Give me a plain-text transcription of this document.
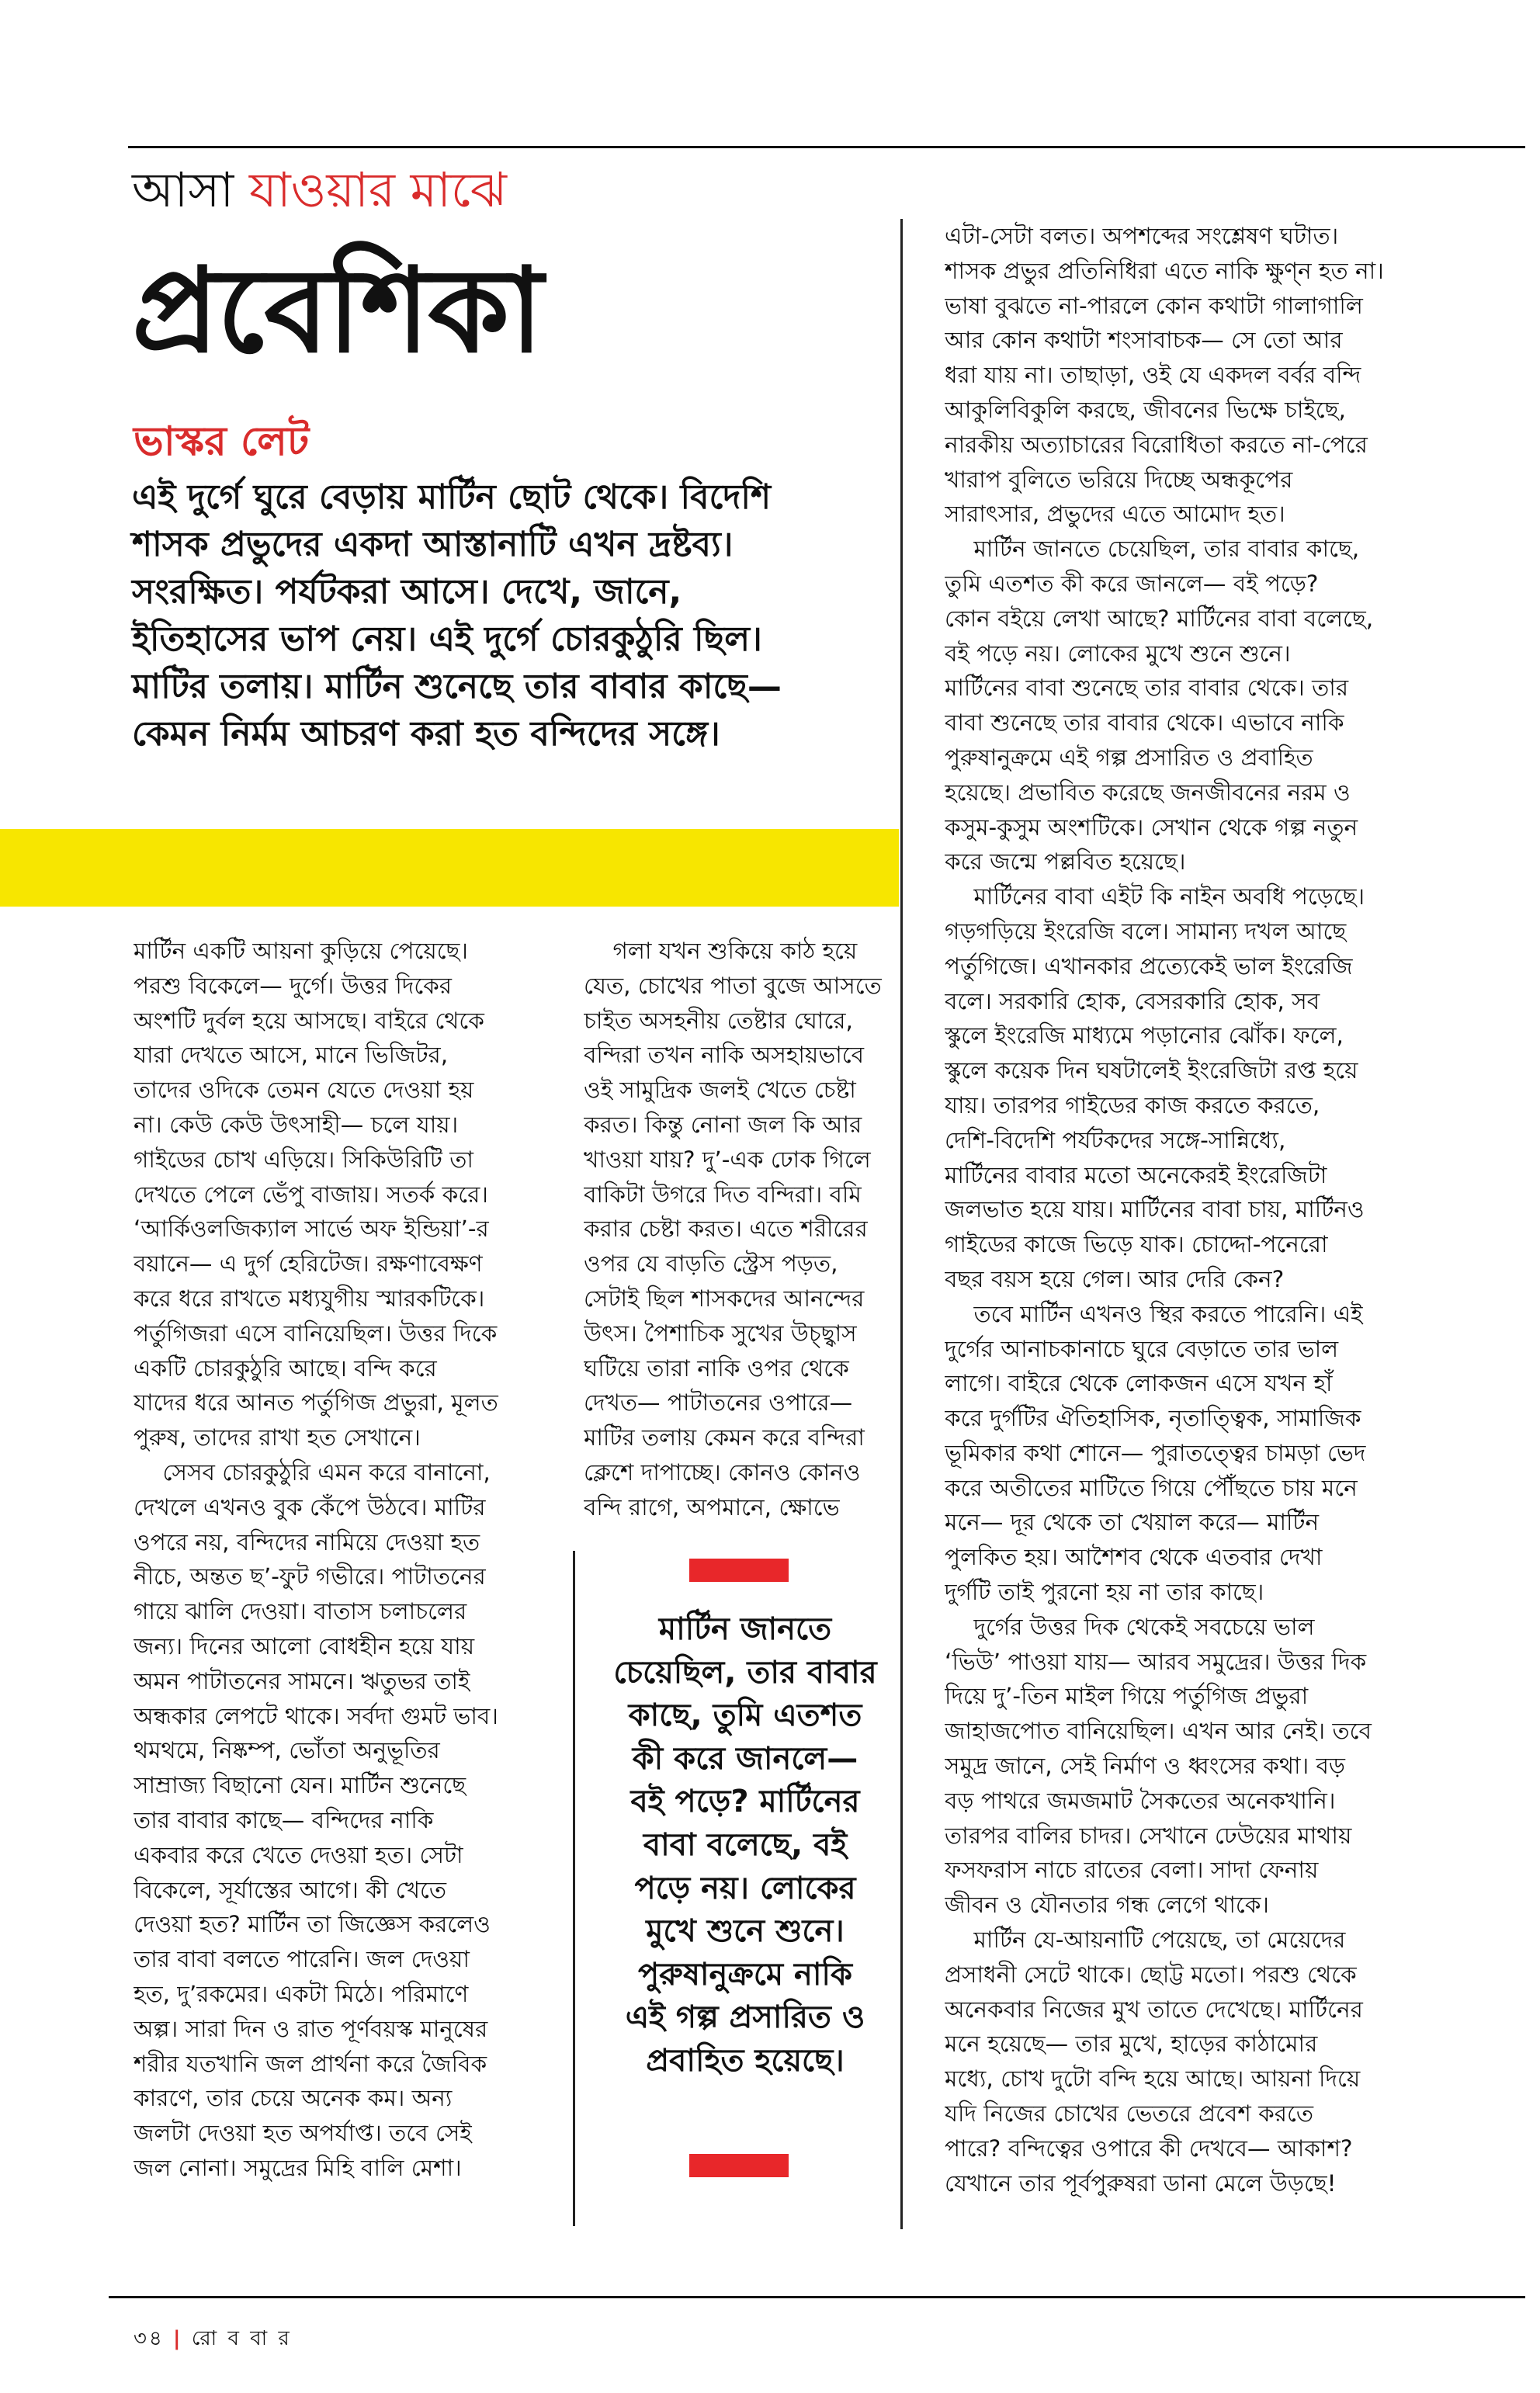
আসা যাওয়ার মাঝে
প্রবেশিকা
ভাস্কর লেট
এই দুর্গে ঘুরে বেড়ায় মার্টিন ছোট থেকে। বিদেশি
শাসক প্রভুদের একদা আস্তানাটি এখন দ্রষ্টব্য।
সংরক্ষিত। পর্যটকরা আসে। দেখে, জানে,
ইতিহাসের ভাপ নেয়। এই দুর্গে চোরকুঠুরি ছিল।
মাটির তলায়। মার্টিন শুনেছে তার বাবার কাছে—
কেমন নির্মম আচরণ করা হত বন্দিদের সঙ্গে।
মার্টিন একটি আয়না কুড়িয়ে পেয়েছে।
পরশু বিকেলে— দুর্গে। উত্তর দিকের
অংশটি দুর্বল হয়ে আসছে। বাইরে থেকে
যারা দেখতে আসে, মানে ভিজিটর,
তাদের ওদিকে তেমন যেতে দেওয়া হয়
না। কেউ কেউ উৎসাহী— চলে যায়।
গাইডের চোখ এড়িয়ে। সিকিউরিটি তা
দেখতে পেলে ভেঁপু বাজায়। সতর্ক করে।
‘আর্কিওলজিক্যাল সার্ভে অফ ইন্ডিয়া’-র
বয়ানে— এ দুর্গ হেরিটেজ। রক্ষণাবেক্ষণ
করে ধরে রাখতে মধ্যযুগীয় স্মারকটিকে।
পর্তুগিজরা এসে বানিয়েছিল। উত্তর দিকে
একটি চোরকুঠুরি আছে। বন্দি করে
যাদের ধরে আনত পর্তুগিজ প্রভুরা, মূলত
পুরুষ, তাদের রাখা হত সেখানে।
সেসব চোরকুঠুরি এমন করে বানানো,
দেখলে এখনও বুক কেঁপে উঠবে। মাটির
ওপরে নয়, বন্দিদের নামিয়ে দেওয়া হত
নীচে, অন্তত ছ’-ফুট গভীরে। পাটাতনের
গায়ে ঝালি দেওয়া। বাতাস চলাচলের
জন্য। দিনের আলো বোধহীন হয়ে যায়
অমন পাটাতনের সামনে। ঋতুভর তাই
অন্ধকার লেপটে থাকে। সর্বদা গুমট ভাব।
থমথমে, নিষ্কম্প, ভোঁতা অনুভূতির
সাম্রাজ্য বিছানো যেন। মার্টিন শুনেছে
তার বাবার কাছে— বন্দিদের নাকি
একবার করে খেতে দেওয়া হত। সেটা
বিকেলে, সূর্যাস্তের আগে। কী খেতে
দেওয়া হত? মার্টিন তা জিজ্ঞেস করলেও
তার বাবা বলতে পারেনি। জল দেওয়া
হত, দু’রকমের। একটা মিঠে। পরিমাণে
অল্প। সারা দিন ও রাত পূর্ণবয়স্ক মানুষের
শরীর যতখানি জল প্রার্থনা করে জৈবিক
কারণে, তার চেয়ে অনেক কম। অন্য
জলটা দেওয়া হত অপর্যাপ্ত। তবে সেই
জল নোনা। সমুদ্রের মিহি বালি মেশা।
গলা যখন শুকিয়ে কাঠ হয়ে
যেত, চোখের পাতা বুজে আসতে
চাইত অসহনীয় তেষ্টার ঘোরে,
বন্দিরা তখন নাকি অসহায়ভাবে
ওই সামুদ্রিক জলই খেতে চেষ্টা
করত। কিন্তু নোনা জল কি আর
খাওয়া যায়? দু’-এক ঢোক গিলে
বাকিটা উগরে দিত বন্দিরা। বমি
করার চেষ্টা করত। এতে শরীরের
ওপর যে বাড়তি স্ট্রেস পড়ত,
সেটাই ছিল শাসকদের আনন্দের
উৎস। পৈশাচিক সুখের উচ্ছ্বাস
ঘটিয়ে তারা নাকি ওপর থেকে
দেখত— পাটাতনের ওপারে—
মাটির তলায় কেমন করে বন্দিরা
ক্লেশে দাপাচ্ছে। কোনও কোনও
বন্দি রাগে, অপমানে, ক্ষোভে
মার্টিন জানতে
চেয়েছিল, তার বাবার
কাছে, তুমি এতশত
কী করে জানলে—
বই পড়ে? মার্টিনের
বাবা বলেছে, বই
পড়ে নয়। লোকের
মুখে শুনে শুনে।
পুরুষানুক্রমে নাকি
এই গল্প প্রসারিত ও
প্রবাহিত হয়েছে।
এটা-সেটা বলত। অপশব্দের সংশ্লেষণ ঘটাত।
শাসক প্রভুর প্রতিনিধিরা এতে নাকি ক্ষুণ্ন হত না।
ভাষা বুঝতে না-পারলে কোন কথাটা গালাগালি
আর কোন কথাটা শংসাবাচক— সে তো আর
ধরা যায় না। তাছাড়া, ওই যে একদল বর্বর বন্দি
আকুলিবিকুলি করছে, জীবনের ভিক্ষে চাইছে,
নারকীয় অত্যাচারের বিরোধিতা করতে না-পেরে
খারাপ বুলিতে ভরিয়ে দিচ্ছে অন্ধকূপের
সারাৎসার, প্রভুদের এতে আমোদ হত।
মার্টিন জানতে চেয়েছিল, তার বাবার কাছে,
তুমি এতশত কী করে জানলে— বই পড়ে?
কোন বইয়ে লেখা আছে? মার্টিনের বাবা বলেছে,
বই পড়ে নয়। লোকের মুখে শুনে শুনে।
মার্টিনের বাবা শুনেছে তার বাবার থেকে। তার
বাবা শুনেছে তার বাবার থেকে। এভাবে নাকি
পুরুষানুক্রমে এই গল্প প্রসারিত ও প্রবাহিত
হয়েছে। প্রভাবিত করেছে জনজীবনের নরম ও
কসুম-কুসুম অংশটিকে। সেখান থেকে গল্প নতুন
করে জন্মে পল্লবিত হয়েছে।
মার্টিনের বাবা এইট কি নাইন অবধি পড়েছে।
গড়গড়িয়ে ইংরেজি বলে। সামান্য দখল আছে
পর্তুগিজে। এখানকার প্রত্যেকেই ভাল ইংরেজি
বলে। সরকারি হোক, বেসরকারি হোক, সব
স্কুলে ইংরেজি মাধ্যমে পড়ানোর ঝোঁক। ফলে,
স্কুলে কয়েক দিন ঘষটালেই ইংরেজিটা রপ্ত হয়ে
যায়। তারপর গাইডের কাজ করতে করতে,
দেশি-বিদেশি পর্যটকদের সঙ্গে-সান্নিধ্যে,
মার্টিনের বাবার মতো অনেকেরই ইংরেজিটা
জলভাত হয়ে যায়। মার্টিনের বাবা চায়, মার্টিনও
গাইডের কাজে ভিড়ে যাক। চোদ্দো-পনেরো
বছর বয়স হয়ে গেল। আর দেরি কেন?
তবে মার্টিন এখনও স্থির করতে পারেনি। এই
দুর্গের আনাচকানাচে ঘুরে বেড়াতে তার ভাল
লাগে। বাইরে থেকে লোকজন এসে যখন হাঁ
করে দুর্গটির ঐতিহাসিক, নৃতাত্ত্বিক, সামাজিক
ভূমিকার কথা শোনে— পুরাতত্ত্বের চামড়া ভেদ
করে অতীতের মাটিতে গিয়ে পৌঁছতে চায় মনে
মনে— দূর থেকে তা খেয়াল করে— মার্টিন
পুলকিত হয়। আশৈশব থেকে এতবার দেখা
দুর্গটি তাই পুরনো হয় না তার কাছে।
দুর্গের উত্তর দিক থেকেই সবচেয়ে ভাল
‘ভিউ’ পাওয়া যায়— আরব সমুদ্রের। উত্তর দিক
দিয়ে দু’-তিন মাইল গিয়ে পর্তুগিজ প্রভুরা
জাহাজপোত বানিয়েছিল। এখন আর নেই। তবে
সমুদ্র জানে, সেই নির্মাণ ও ধ্বংসের কথা। বড়
বড় পাথরে জমজমাট সৈকতের অনেকখানি।
তারপর বালির চাদর। সেখানে ঢেউয়ের মাথায়
ফসফরাস নাচে রাতের বেলা। সাদা ফেনায়
জীবন ও যৌনতার গন্ধ লেগে থাকে।
মার্টিন যে-আয়নাটি পেয়েছে, তা মেয়েদের
প্রসাধনী সেটে থাকে। ছোট্ট মতো। পরশু থেকে
অনেকবার নিজের মুখ তাতে দেখেছে। মার্টিনের
মনে হয়েছে— তার মুখে, হাড়ের কাঠামোর
মধ্যে, চোখ দুটো বন্দি হয়ে আছে। আয়না দিয়ে
যদি নিজের চোখের ভেতরে প্রবেশ করতে
পারে? বন্দিত্বের ওপারে কী দেখবে— আকাশ?
যেখানে তার পূর্বপুরুষরা ডানা মেলে উড়ছে!
৩৪ | রো ব বা র
